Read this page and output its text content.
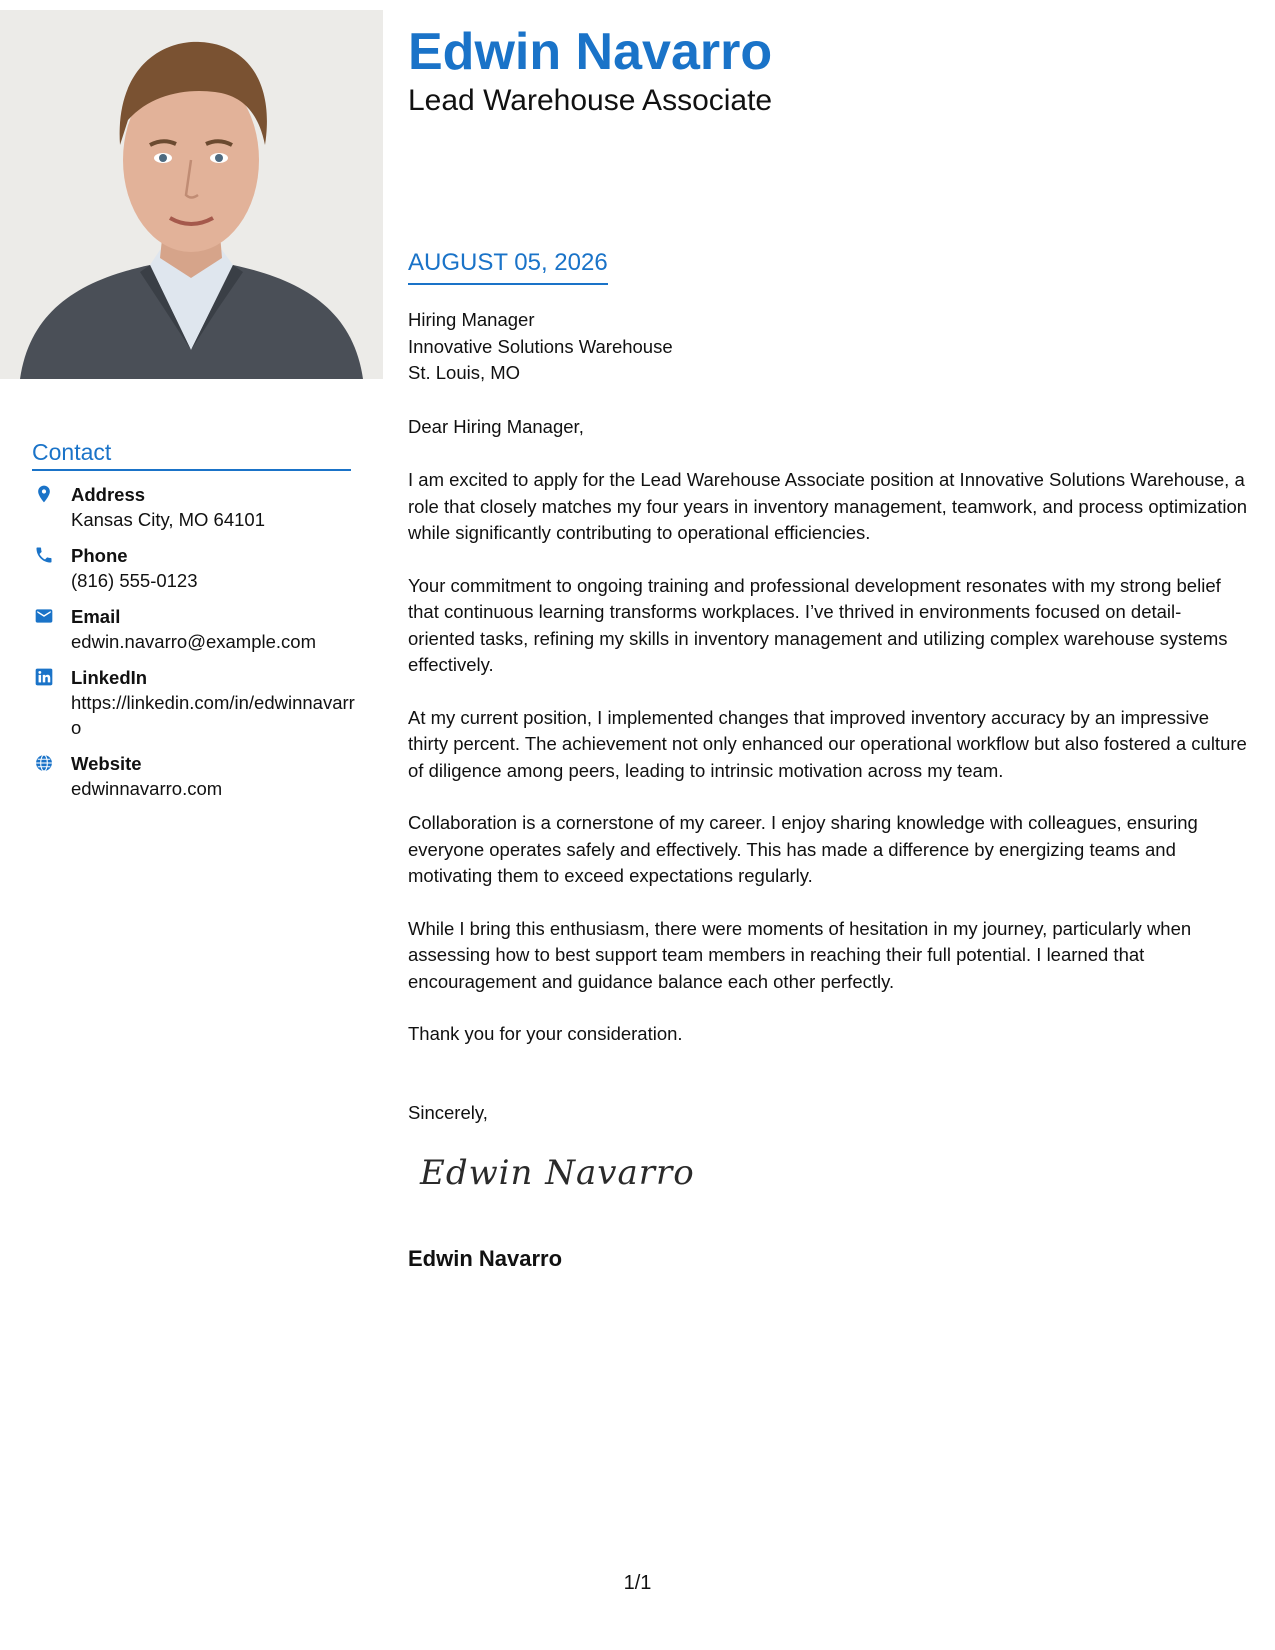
Contact
Address
Kansas City, MO 64101
Phone
(816) 555-0123
Email
edwin.navarro@example.com
LinkedIn
https://linkedin.com/in/edwinnavarro
Website
edwinnavarro.com
Edwin Navarro
Lead Warehouse Associate
AUGUST 05, 2026
Hiring Manager
Innovative Solutions Warehouse
St. Louis, MO
Dear Hiring Manager,

I am excited to apply for the Lead Warehouse Associate position at Innovative Solutions Warehouse, a role that closely matches my four years in inventory management, teamwork, and process optimization while significantly contributing to operational efficiencies.

Your commitment to ongoing training and professional development resonates with my strong belief that continuous learning transforms workplaces. I’ve thrived in environments focused on detail-oriented tasks, refining my skills in inventory management and utilizing complex warehouse systems effectively.

At my current position, I implemented changes that improved inventory accuracy by an impressive thirty percent. The achievement not only enhanced our operational workflow but also fostered a culture of diligence among peers, leading to intrinsic motivation across my team.

Collaboration is a cornerstone of my career. I enjoy sharing knowledge with colleagues, ensuring everyone operates safely and effectively. This has made a difference by energizing teams and motivating them to exceed expectations regularly.

While I bring this enthusiasm, there were moments of hesitation in my journey, particularly when assessing how to best support team members in reaching their full potential. I learned that encouragement and guidance balance each other perfectly.

Thank you for your consideration.

Sincerely,
Edwin Navarro
Edwin Navarro
1/1
